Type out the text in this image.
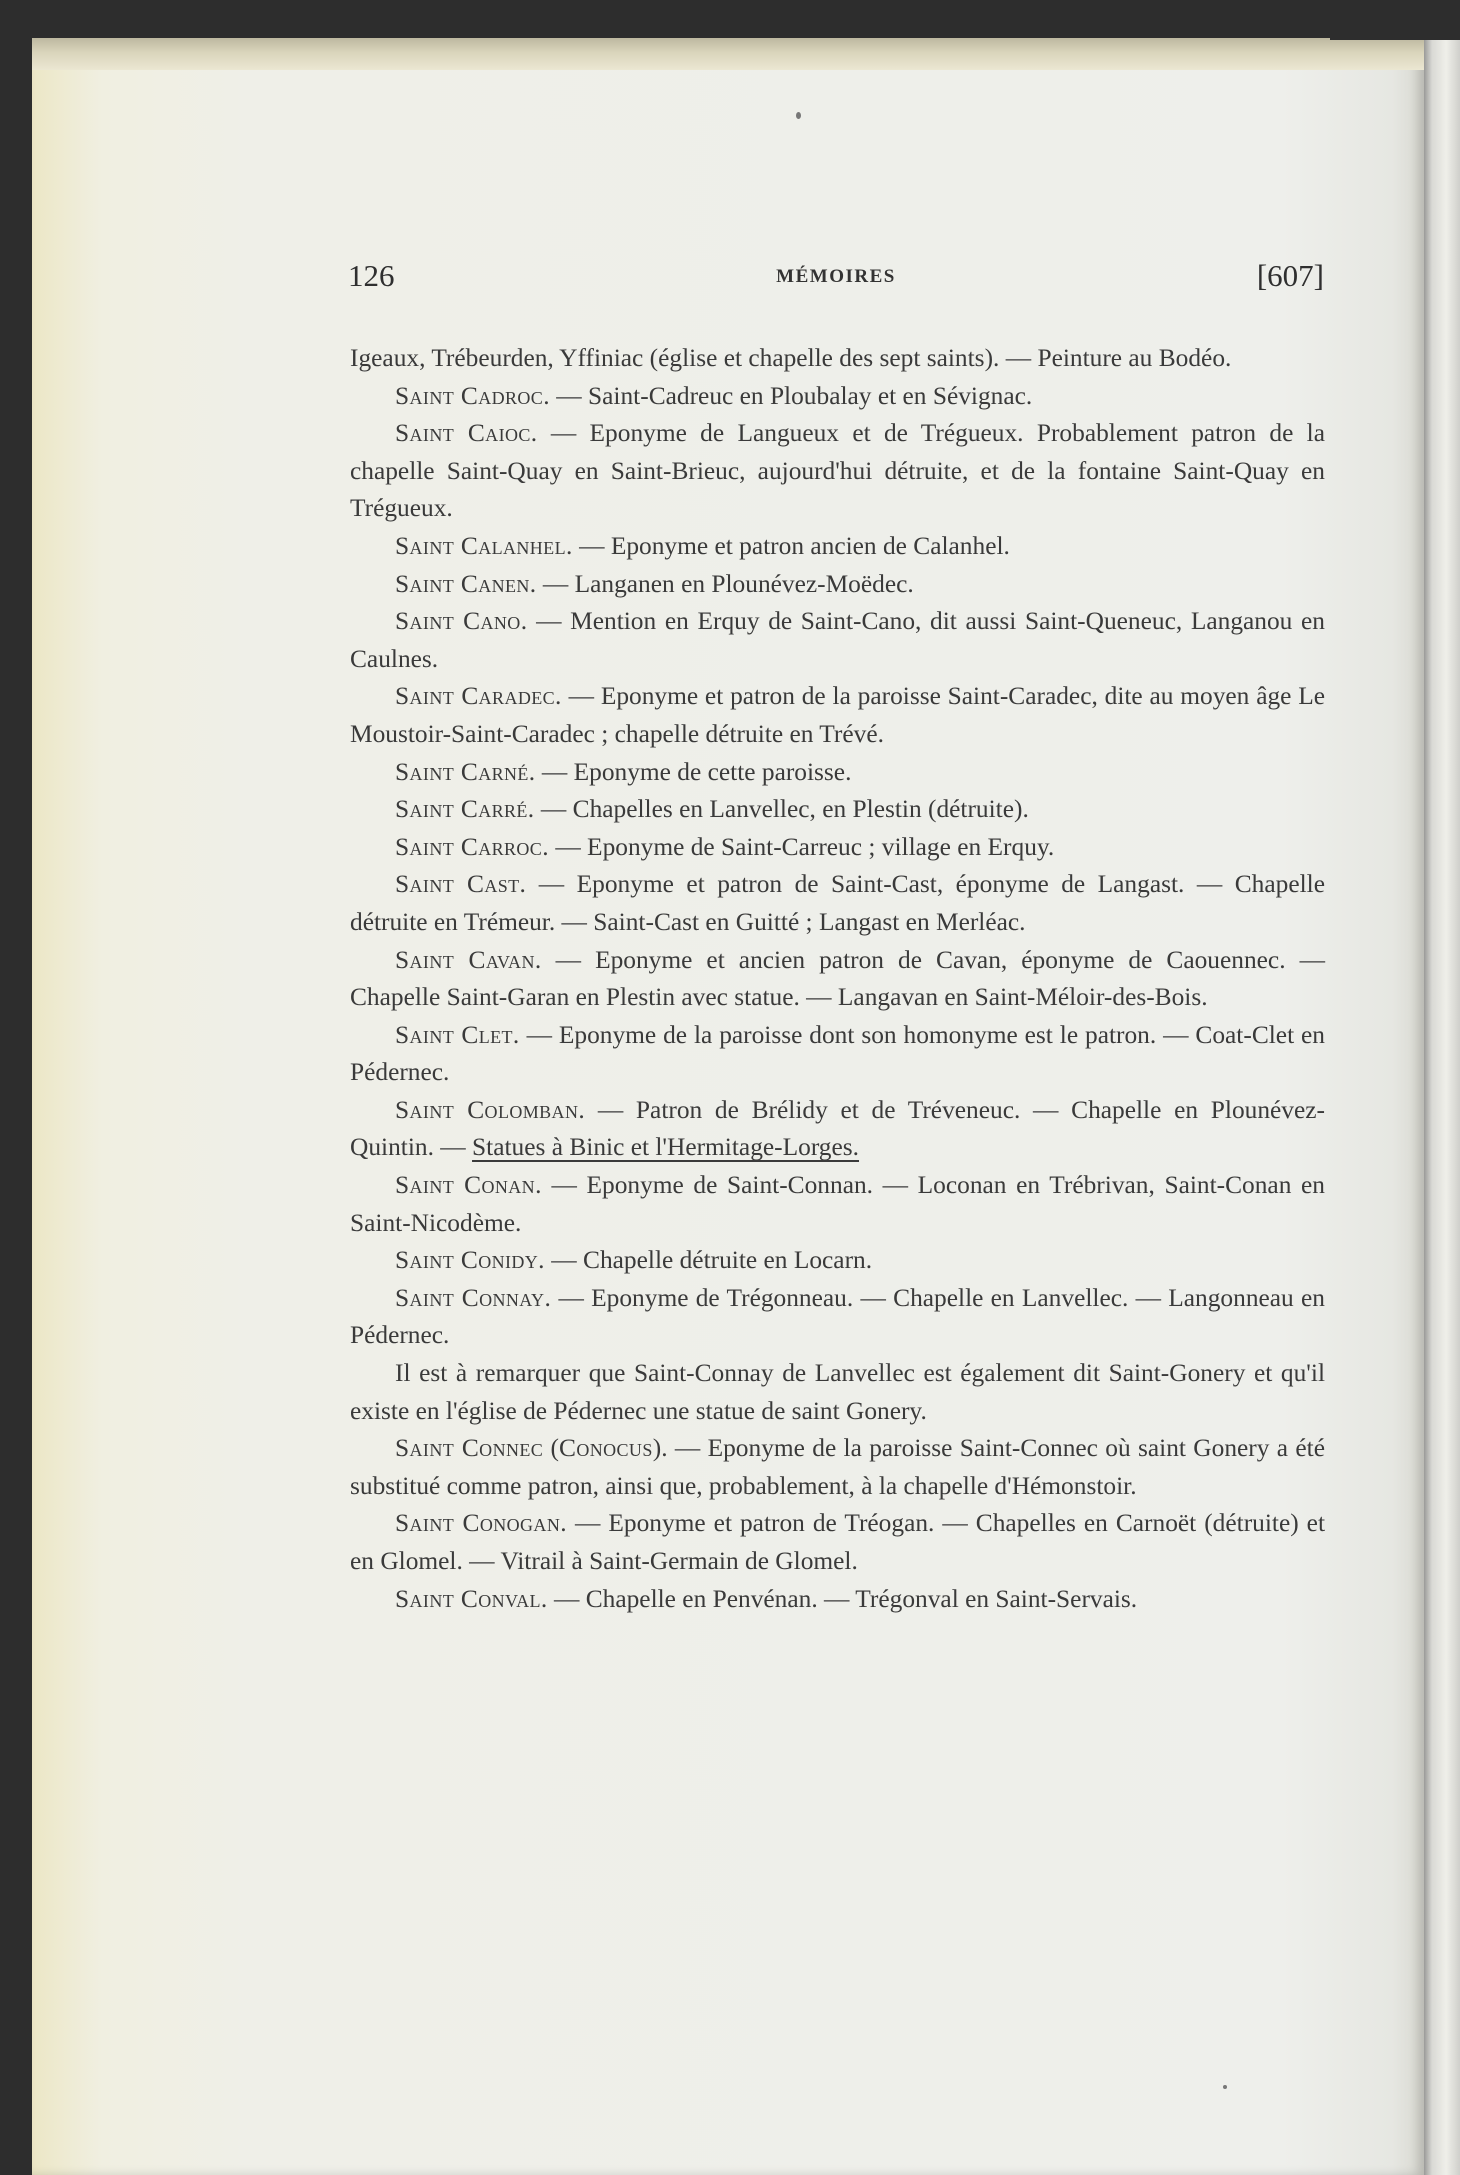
126	MÉMOIRES	[607]

Igeaux, Trébeurden, Yffiniac (église et chapelle des sept saints). — Peinture au Bodéo.

Saint Cadroc. — Saint-Cadreuc en Ploubalay et en Sévignac.

Saint Caioc. — Eponyme de Langueux et de Trégueux. Probablement patron de la chapelle Saint-Quay en Saint-Brieuc, aujourd'hui détruite, et de la fontaine Saint-Quay en Trégueux.

Saint Calanhel. — Eponyme et patron ancien de Calanhel.

Saint Canen. — Langanen en Plounévez-Moëdec.

Saint Cano. — Mention en Erquy de Saint-Cano, dit aussi Saint-Queneuc, Langanou en Caulnes.

Saint Caradec. — Eponyme et patron de la paroisse Saint-Caradec, dite au moyen âge Le Moustoir-Saint-Caradec ; chapelle détruite en Trévé.

Saint Carné. — Eponyme de cette paroisse.

Saint Carré. — Chapelles en Lanvellec, en Plestin (détruite).

Saint Carroc. — Eponyme de Saint-Carreuc ; village en Erquy.

Saint Cast. — Eponyme et patron de Saint-Cast, éponyme de Langast. — Chapelle détruite en Trémeur. — Saint-Cast en Guitté ; Langast en Merléac.

Saint Cavan. — Eponyme et ancien patron de Cavan, éponyme de Caouennec. — Chapelle Saint-Garan en Plestin avec statue. — Langavan en Saint-Méloir-des-Bois.

Saint Clet. — Eponyme de la paroisse dont son homonyme est le patron. — Coat-Clet en Pédernec.

Saint Colomban. — Patron de Brélidy et de Tréveneuc. — Chapelle en Plounévez-Quintin. — Statues à Binic et l'Hermitage-Lorges.

Saint Conan. — Eponyme de Saint-Connan. — Loconan en Trébrivan, Saint-Conan en Saint-Nicodème.

Saint Conidy. — Chapelle détruite en Locarn.

Saint Connay. — Eponyme de Trégonneau. — Chapelle en Lanvellec. — Langonneau en Pédernec.

Il est à remarquer que Saint-Connay de Lanvellec est également dit Saint-Gonery et qu'il existe en l'église de Pédernec une statue de saint Gonery.

Saint Connec (Conocus). — Eponyme de la paroisse Saint-Connec où saint Gonery a été substitué comme patron, ainsi que, probablement, à la chapelle d'Hémonstoir.

Saint Conogan. — Eponyme et patron de Tréogan. — Chapelles en Carnoët (détruite) et en Glomel. — Vitrail à Saint-Germain de Glomel.

Saint Conval. — Chapelle en Penvénan. — Trégonval en Saint-Servais.
